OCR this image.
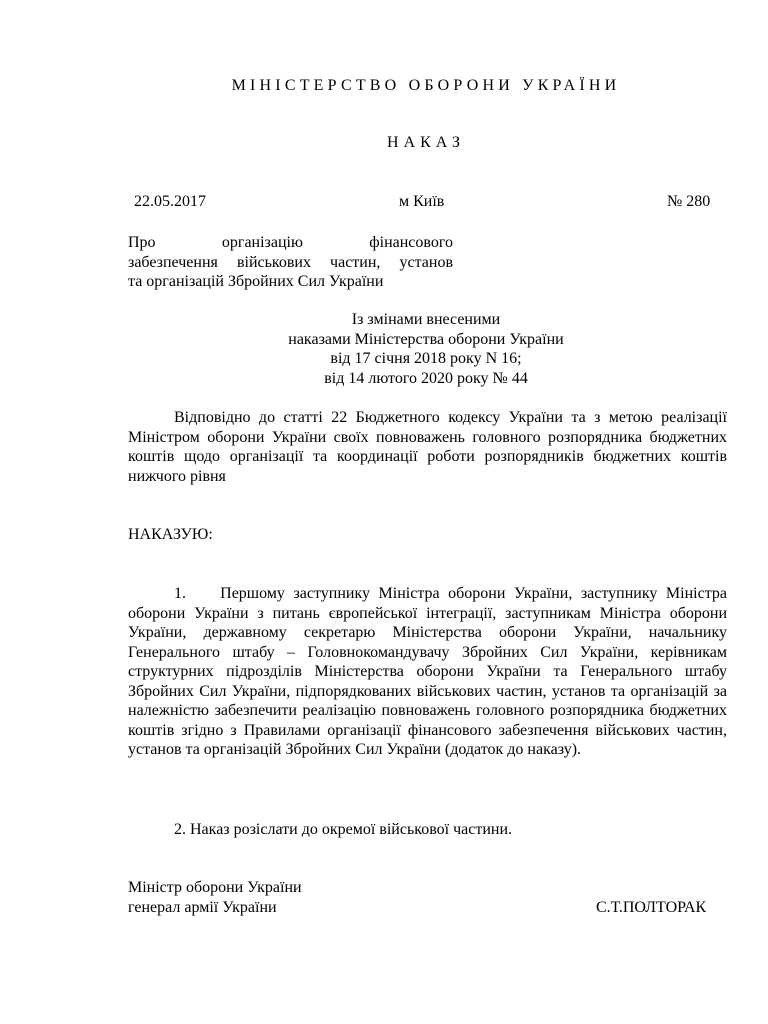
МІНІСТЕРСТВО ОБОРОНИ УКРАЇНИ
НАКАЗ
22.05.2017	м Київ	№ 280
Про організацію фінансового
забезпечення військових частин, установ
та організацій Збройних Сил України
Із змінами внесеними
наказами Міністерства оборони України
від 17 січня 2018 року N 16;
від 14 лютого 2020 року № 44

Відповідно до статті 22 Бюджетного кодексу України та з метою реалізації Міністром оборони України своїх повноважень головного розпорядника бюджетних коштів щодо організації та координації роботи розпорядників бюджетних коштів нижчого рівня

НАКАЗУЮ:

1.    Першому заступнику Міністра оборони України, заступнику Міністра оборони України з питань європейської інтеграції, заступникам Міністра оборони України, державному секретарю Міністерства оборони України, начальнику Генерального штабу – Головнокомандувачу Збройних Сил України, керівникам структурних підрозділів Міністерства оборони України та Генерального штабу Збройних Сил України, підпорядкованих військових частин, установ та організацій за належністю забезпечити реалізацію повноважень головного розпорядника бюджетних коштів згідно з Правилами організації фінансового забезпечення військових частин, установ та організацій Збройних Сил України (додаток до наказу).

2. Наказ розіслати до окремої військової частини.
Міністр оборони України
генерал армії України	С.Т.ПОЛТОРАК
